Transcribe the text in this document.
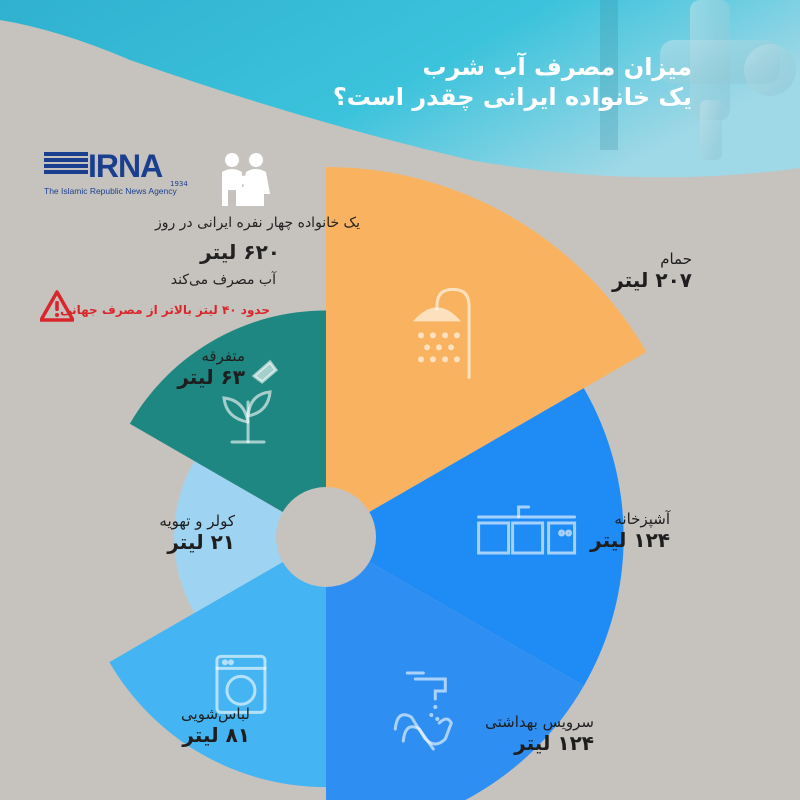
میزان مصرف آب شرب
یک خانواده ایرانی چقدر است؟
IRNA 1934
The Islamic Republic News Agency
یک خانواده چهار نفره ایرانی در روز
۶۲۰ لیتر
آب مصرف می‌کند
حدود ۴۰ لیتر بالاتر از مصرف جهانی
حمام
۲۰۷ لیتر
آشپزخانه
۱۲۴ لیتر
سرویس بهداشتی
۱۲۴ لیتر
لباس‌شویی
۸۱ لیتر
کولر و تهویه
۲۱ لیتر
متفرقه
۶۳ لیتر
